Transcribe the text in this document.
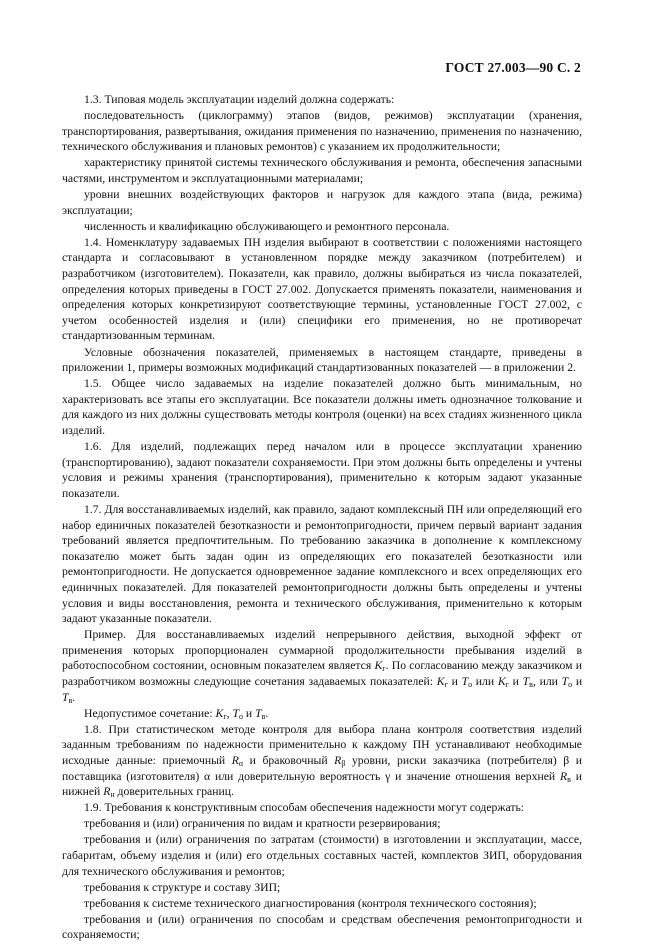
ГОСТ 27.003—90 С. 2

1.3. Типовая модель эксплуатации изделий должна содержать:

последовательность (циклограмму) этапов (видов, режимов) эксплуатации (хранения, транспортирования, развертывания, ожидания применения по назначению, применения по назначению, технического обслуживания и плановых ремонтов) с указанием их продолжительности;

характеристику принятой системы технического обслуживания и ремонта, обеспечения запасными частями, инструментом и эксплуатационными материалами;

уровни внешних воздействующих факторов и нагрузок для каждого этапа (вида, режима) эксплуатации;

численность и квалификацию обслуживающего и ремонтного персонала.

1.4. Номенклатуру задаваемых ПН изделия выбирают в соответствии с положениями настоящего стандарта и согласовывают в установленном порядке между заказчиком (потребителем) и разработчиком (изготовителем). Показатели, как правило, должны выбираться из числа показателей, определения которых приведены в ГОСТ 27.002. Допускается применять показатели, наименования и определения которых конкретизируют соответствующие термины, установленные ГОСТ 27.002, с учетом особенностей изделия и (или) специфики его применения, но не противоречат стандартизованным терминам.

Условные обозначения показателей, применяемых в настоящем стандарте, приведены в приложении 1, примеры возможных модификаций стандартизованных показателей — в приложении 2.

1.5. Общее число задаваемых на изделие показателей должно быть минимальным, но характеризовать все этапы его эксплуатации. Все показатели должны иметь однозначное толкование и для каждого из них должны существовать методы контроля (оценки) на всех стадиях жизненного цикла изделий.

1.6. Для изделий, подлежащих перед началом или в процессе эксплуатации хранению (транспортированию), задают показатели сохраняемости. При этом должны быть определены и учтены условия и режимы хранения (транспортирования), применительно к которым задают указанные показатели.

1.7. Для восстанавливаемых изделий, как правило, задают комплексный ПН или определяющий его набор единичных показателей безотказности и ремонтопригодности, причем первый вариант задания требований является предпочтительным. По требованию заказчика в дополнение к комплексному показателю может быть задан один из определяющих его показателей безотказности или ремонтопригодности. Не допускается одновременное задание комплексного и всех определяющих его единичных показателей. Для показателей ремонтопригодности должны быть определены и учтены условия и виды восстановления, ремонта и технического обслуживания, применительно к которым задают указанные показатели.

Пример. Для восстанавливаемых изделий непрерывного действия, выходной эффект от применения которых пропорционален суммарной продолжительности пребывания изделий в работоспособном состоянии, основным показателем является $K_г$. По согласованию между заказчиком и разработчиком возможны следующие сочетания задаваемых показателей: $K_г$ и $T_о$ или $K_г$ и $T_в$, или $T_о$ и $T_в$.

Недопустимое сочетание: $K_г$, $T_о$ и $T_в$.

1.8. При статистическом методе контроля для выбора плана контроля соответствия изделий заданным требованиям по надежности применительно к каждому ПН устанавливают необходимые исходные данные: приемочный $R_\alpha$ и браковочный $R_\beta$ уровни, риски заказчика (потребителя) β и поставщика (изготовителя) α или доверительную вероятность γ и значение отношения верхней $R_в$ и нижней $R_н$ доверительных границ.

1.9. Требования к конструктивным способам обеспечения надежности могут содержать:

требования и (или) ограничения по видам и кратности резервирования;

требования и (или) ограничения по затратам (стоимости) в изготовлении и эксплуатации, массе, габаритам, объему изделия и (или) его отдельных составных частей, комплектов ЗИП, оборудования для технического обслуживания и ремонтов;

требования к структуре и составу ЗИП;

требования к системе технического диагностирования (контроля технического состояния);

требования и (или) ограничения по способам и средствам обеспечения ремонтопригодности и сохраняемости;
